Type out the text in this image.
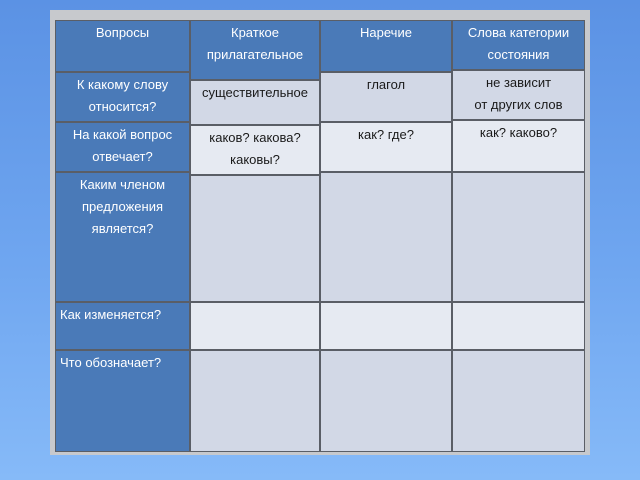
Вопросы
К какому слову
относится?
На какой вопрос
отвечает?
Каким членом
предложения
является?
Как изменяется?
Что обозначает?
Краткое прилагательное
существительное
каков? какова?
каковы?
Наречие
глагол
как? где?
Слова категории состояния
не зависит
от других слов
как? каково?
